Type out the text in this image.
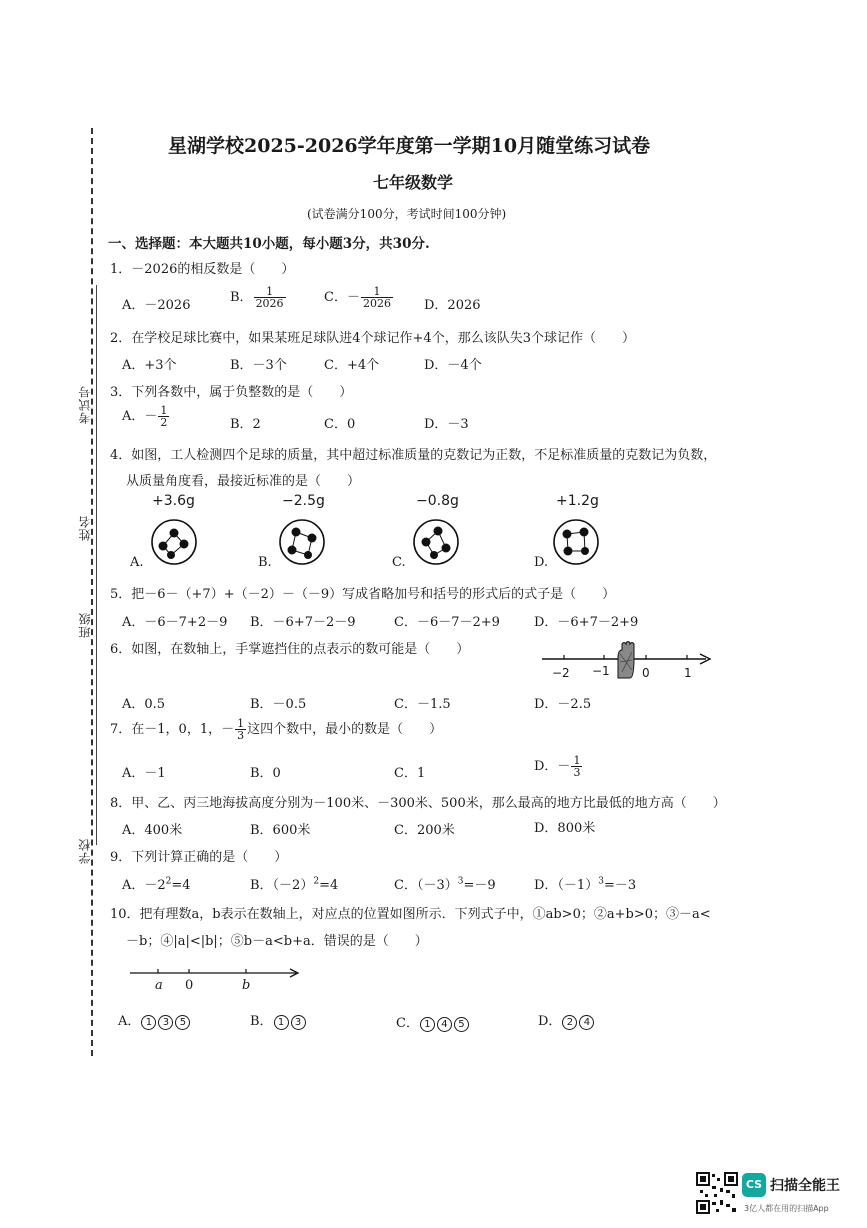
考试号
姓名
班级
学校
星湖学校2025-2026学年度第一学期10月随堂练习试卷
七年级数学
(试卷满分100分，考试时间100分钟)
一、选择题：本大题共10小题，每小题3分，共30分.
1．－2026的相反数是（　　）
A．－2026
B． $\frac{1}{2026}$	C．－ $\frac{1}{2026}$ D．2026
2．在学校足球比赛中，如果某班足球队进4个球记作+4个，那么该队失3个球记作（　　）
A．+3个	B．－3个	C．+4个	D．－4个
3．下列各数中，属于负整数的是（　　）
A．－ $\frac{1}{2}$	B．2	C．0	D．－3
4．如图，工人检测四个足球的质量，其中超过标准质量的克数记为正数，不足标准质量的克数记为负数，
从质量角度看，最接近标准的是（　　）
+3.6g	−2.5g	−0.8g	+1.2g
A.	B.	C.	D.
5．把－6－（+7）+（－2）－（－9）写成省略加号和括号的形式后的式子是（　　）
A．－6－7+2－9 B．－6+7－2－9	C．－6－7－2+9	D．－6+7－2+9
6．如图，在数轴上，手掌遮挡住的点表示的数可能是（　　）
−2 −1	0	1
A．0.5	B．－0.5	C．－1.5	D．－2.5
7．在－1，0，1，－ $\frac{1}{3}$ 这四个数中，最小的数是（　　）
A．－1	B．0	C．1	D．－ $\frac{1}{3}$
8．甲、乙、丙三地海拔高度分别为－100米、－300米、500米，那么最高的地方比最低的地方高（　　）
A．400米	B．600米	C．200米	D．800米
9．下列计算正确的是（　　）
A．$-2^2=4$	B．$(-2)^2=4$	C．$(-3)^3=-9$	D．$(-1)^3=-3$
10．把有理数a，b表示在数轴上，对应点的位置如图所示．下列式子中，①ab>0；②a+b>0；③－a<
－b；④|a|<|b|；⑤b－a<b+a．错误的是（　　）
a 0	b
A． 1 3 5	B． 1 3	C． 1 4 5	D． 2 4
CS 扫描全能王
3亿人都在用的扫描App
